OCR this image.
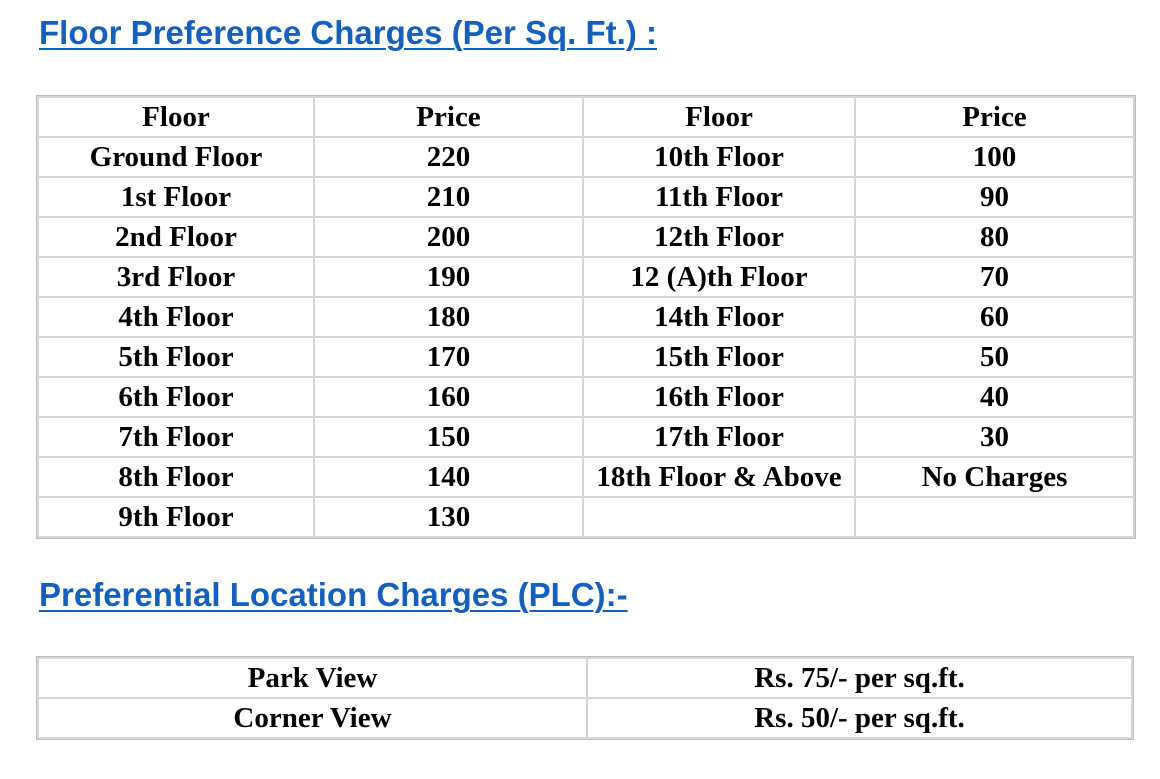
Floor Preference Charges (Per Sq. Ft.) :
Floor	Price	Floor	Price
Ground Floor	220	10th Floor	100
1st Floor	210	11th Floor	90
2nd Floor	200	12th Floor	80
3rd Floor	190	12 (A)th Floor	70
4th Floor	180	14th Floor	60
5th Floor	170	15th Floor	50
6th Floor	160	16th Floor	40
7th Floor	150	17th Floor	30
8th Floor	140	18th Floor & Above	No Charges
9th Floor	130		
Preferential Location Charges (PLC):-
Park View	Rs. 75/- per sq.ft.
Corner View	Rs. 50/- per sq.ft.
